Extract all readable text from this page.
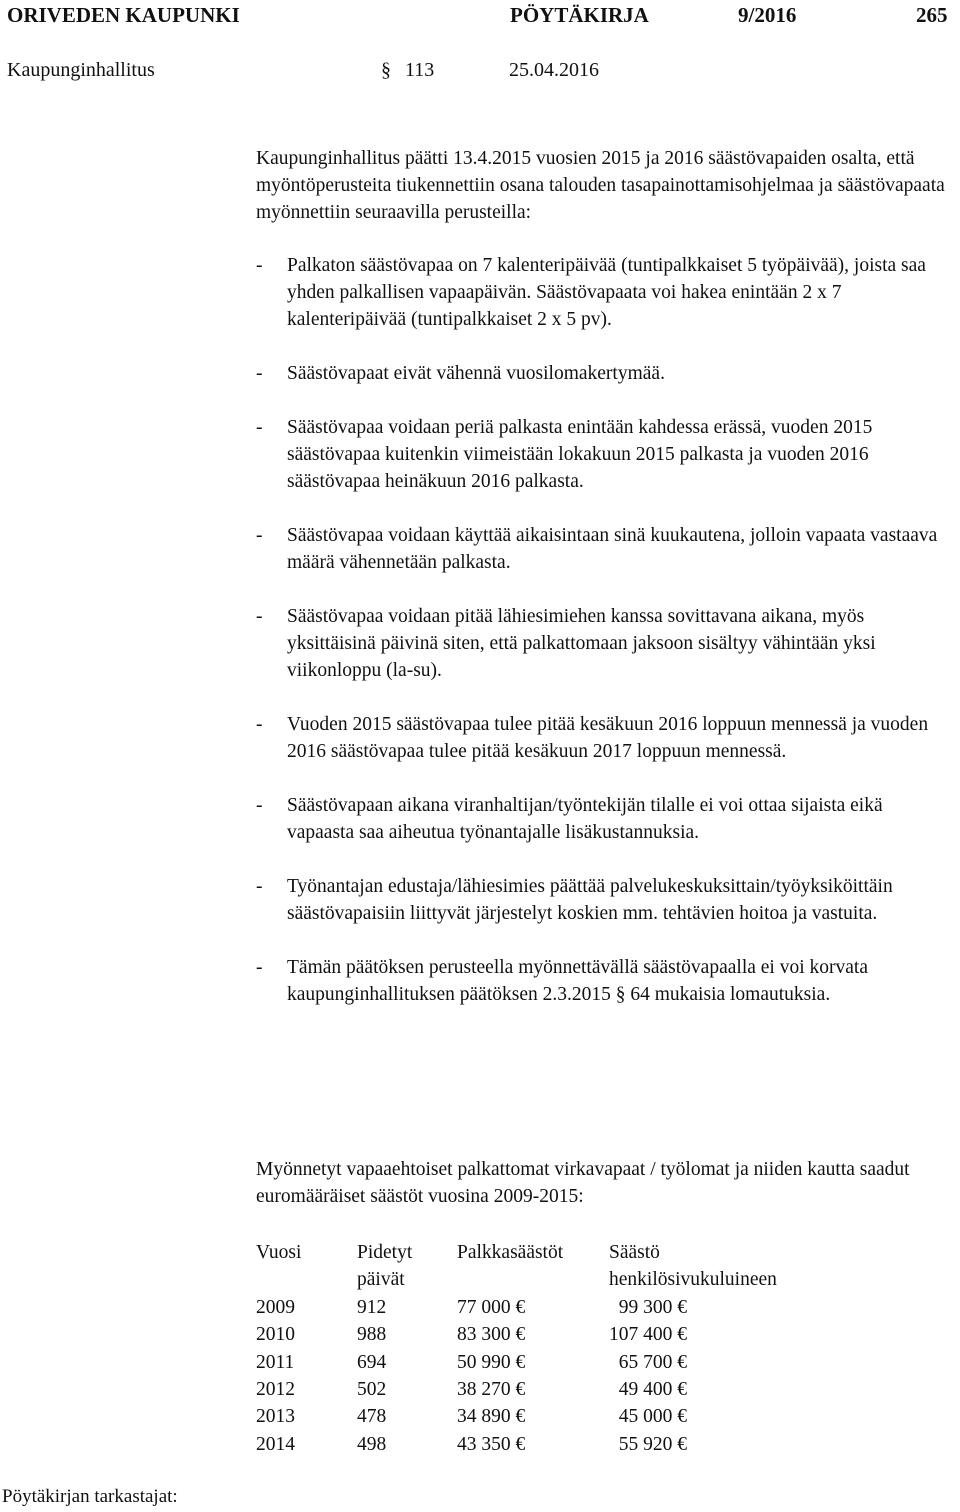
ORIVEDEN KAUPUNKI	PÖYTÄKIRJA	9/2016	265
Kaupunginhallitus	§ 113	25.04.2016

Kaupunginhallitus päätti 13.4.2015 vuosien 2015 ja 2016 säästövapaiden osalta, että myöntöperusteita tiukennettiin osana talouden tasapainottamisohjelmaa ja säästövapaata myönnettiin seuraavilla perusteilla:

- Palkaton säästövapaa on 7 kalenteripäivää (tuntipalkkaiset 5 työpäivää), joista saa yhden palkallisen vapaapäivän. Säästövapaata voi hakea enintään 2 x 7 kalenteripäivää (tuntipalkkaiset 2 x 5 pv).
- Säästövapaat eivät vähennä vuosilomakertymää.
- Säästövapaa voidaan periä palkasta enintään kahdessa erässä, vuoden 2015 säästövapaa kuitenkin viimeistään lokakuun 2015 palkasta ja vuoden 2016 säästövapaa heinäkuun 2016 palkasta.
- Säästövapaa voidaan käyttää aikaisintaan sinä kuukautena, jolloin vapaata vastaava määrä vähennetään palkasta.
- Säästövapaa voidaan pitää lähiesimiehen kanssa sovittavana aikana, myös yksittäisinä päivinä siten, että palkattomaan jaksoon sisältyy vähintään yksi viikonloppu (la-su).
- Vuoden 2015 säästövapaa tulee pitää kesäkuun 2016 loppuun mennessä ja vuoden 2016 säästövapaa tulee pitää kesäkuun 2017 loppuun mennessä.
- Säästövapaan aikana viranhaltijan/työntekijän tilalle ei voi ottaa sijaista eikä vapaasta saa aiheutua työnantajalle lisäkustannuksia.
- Työnantajan edustaja/lähiesimies päättää palvelukeskuksittain/työyksiköittäin säästövapaisiin liittyvät järjestelyt koskien mm. tehtävien hoitoa ja vastuita.
- Tämän päätöksen perusteella myönnettävällä säästövapaalla ei voi korvata kaupunginhallituksen päätöksen 2.3.2015 § 64 mukaisia lomautuksia.

Myönnetyt vapaaehtoiset palkattomat virkavapaat / työlomat ja niiden kautta saadut euromääräiset säästöt vuosina 2009-2015:

Vuosi	Pidetyt päivät	Palkkasäästöt	Säästö henkilösivukuluineen
2009	912	77 000 €	99 300 €
2010	988	83 300 €	107 400 €
2011	694	50 990 €	65 700 €
2012	502	38 270 €	49 400 €
2013	478	34 890 €	45 000 €
2014	498	43 350 €	55 920 €
Pöytäkirjan tarkastajat:
